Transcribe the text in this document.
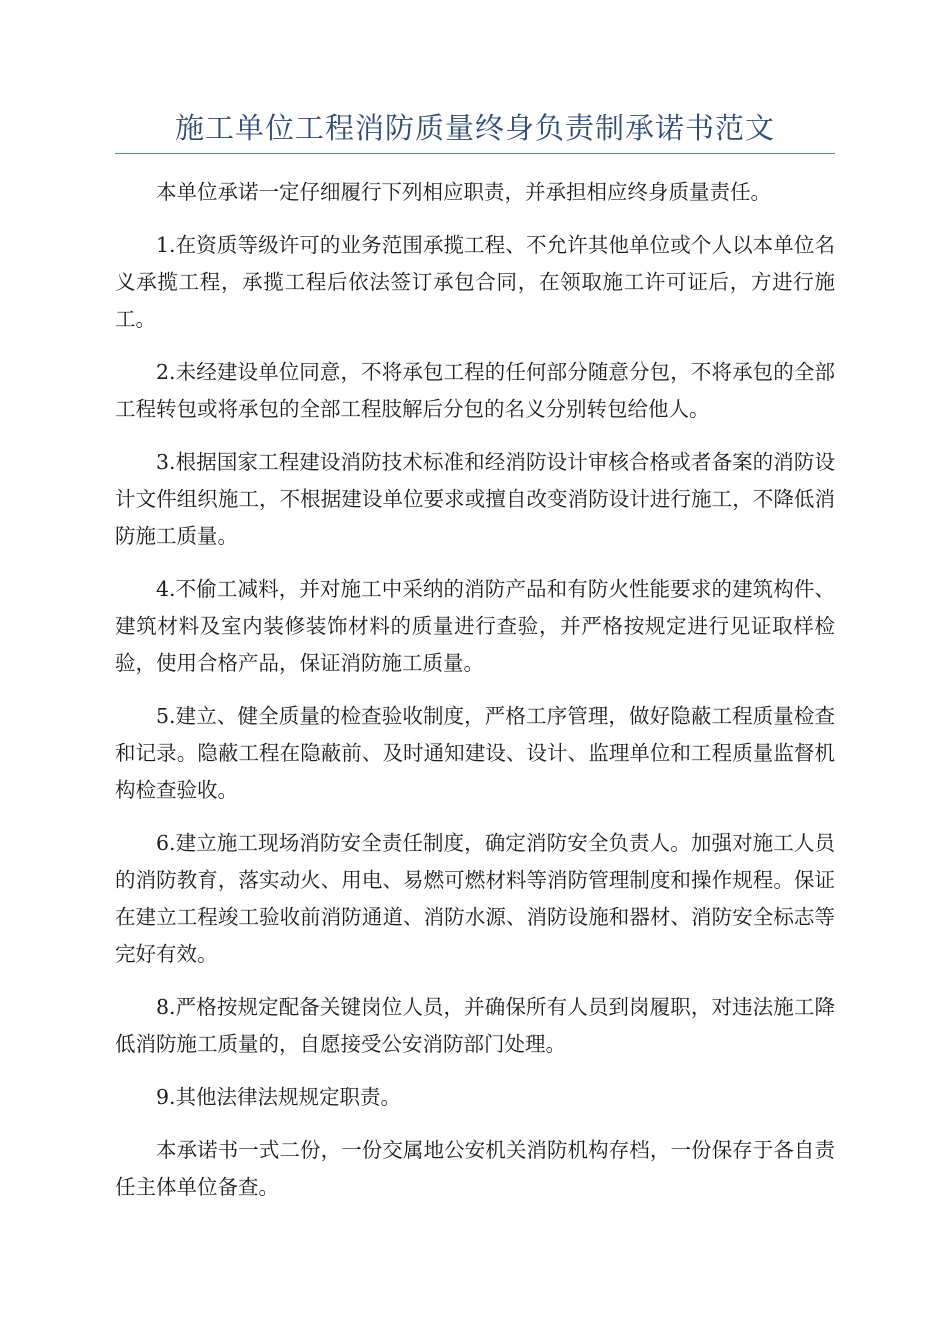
施工单位工程消防质量终身负责制承诺书范文

本单位承诺一定仔细履行下列相应职责，并承担相应终身质量责任。

1.在资质等级许可的业务范围承揽工程、不允许其他单位或个人以本单位名义承揽工程，承揽工程后依法签订承包合同，在领取施工许可证后，方进行施工。

2.未经建设单位同意，不将承包工程的任何部分随意分包，不将承包的全部工程转包或将承包的全部工程肢解后分包的名义分别转包给他人。

3.根据国家工程建设消防技术标准和经消防设计审核合格或者备案的消防设计文件组织施工，不根据建设单位要求或擅自改变消防设计进行施工，不降低消防施工质量。

4.不偷工减料，并对施工中采纳的消防产品和有防火性能要求的建筑构件、建筑材料及室内装修装饰材料的质量进行查验，并严格按规定进行见证取样检验，使用合格产品，保证消防施工质量。

5.建立、健全质量的检查验收制度，严格工序管理，做好隐蔽工程质量检查和记录。隐蔽工程在隐蔽前、及时通知建设、设计、监理单位和工程质量监督机构检查验收。

6.建立施工现场消防安全责任制度，确定消防安全负责人。加强对施工人员的消防教育，落实动火、用电、易燃可燃材料等消防管理制度和操作规程。保证在建立工程竣工验收前消防通道、消防水源、消防设施和器材、消防安全标志等完好有效。

8.严格按规定配备关键岗位人员，并确保所有人员到岗履职，对违法施工降低消防施工质量的，自愿接受公安消防部门处理。

9.其他法律法规规定职责。

本承诺书一式二份，一份交属地公安机关消防机构存档，一份保存于各自责任主体单位备查。
